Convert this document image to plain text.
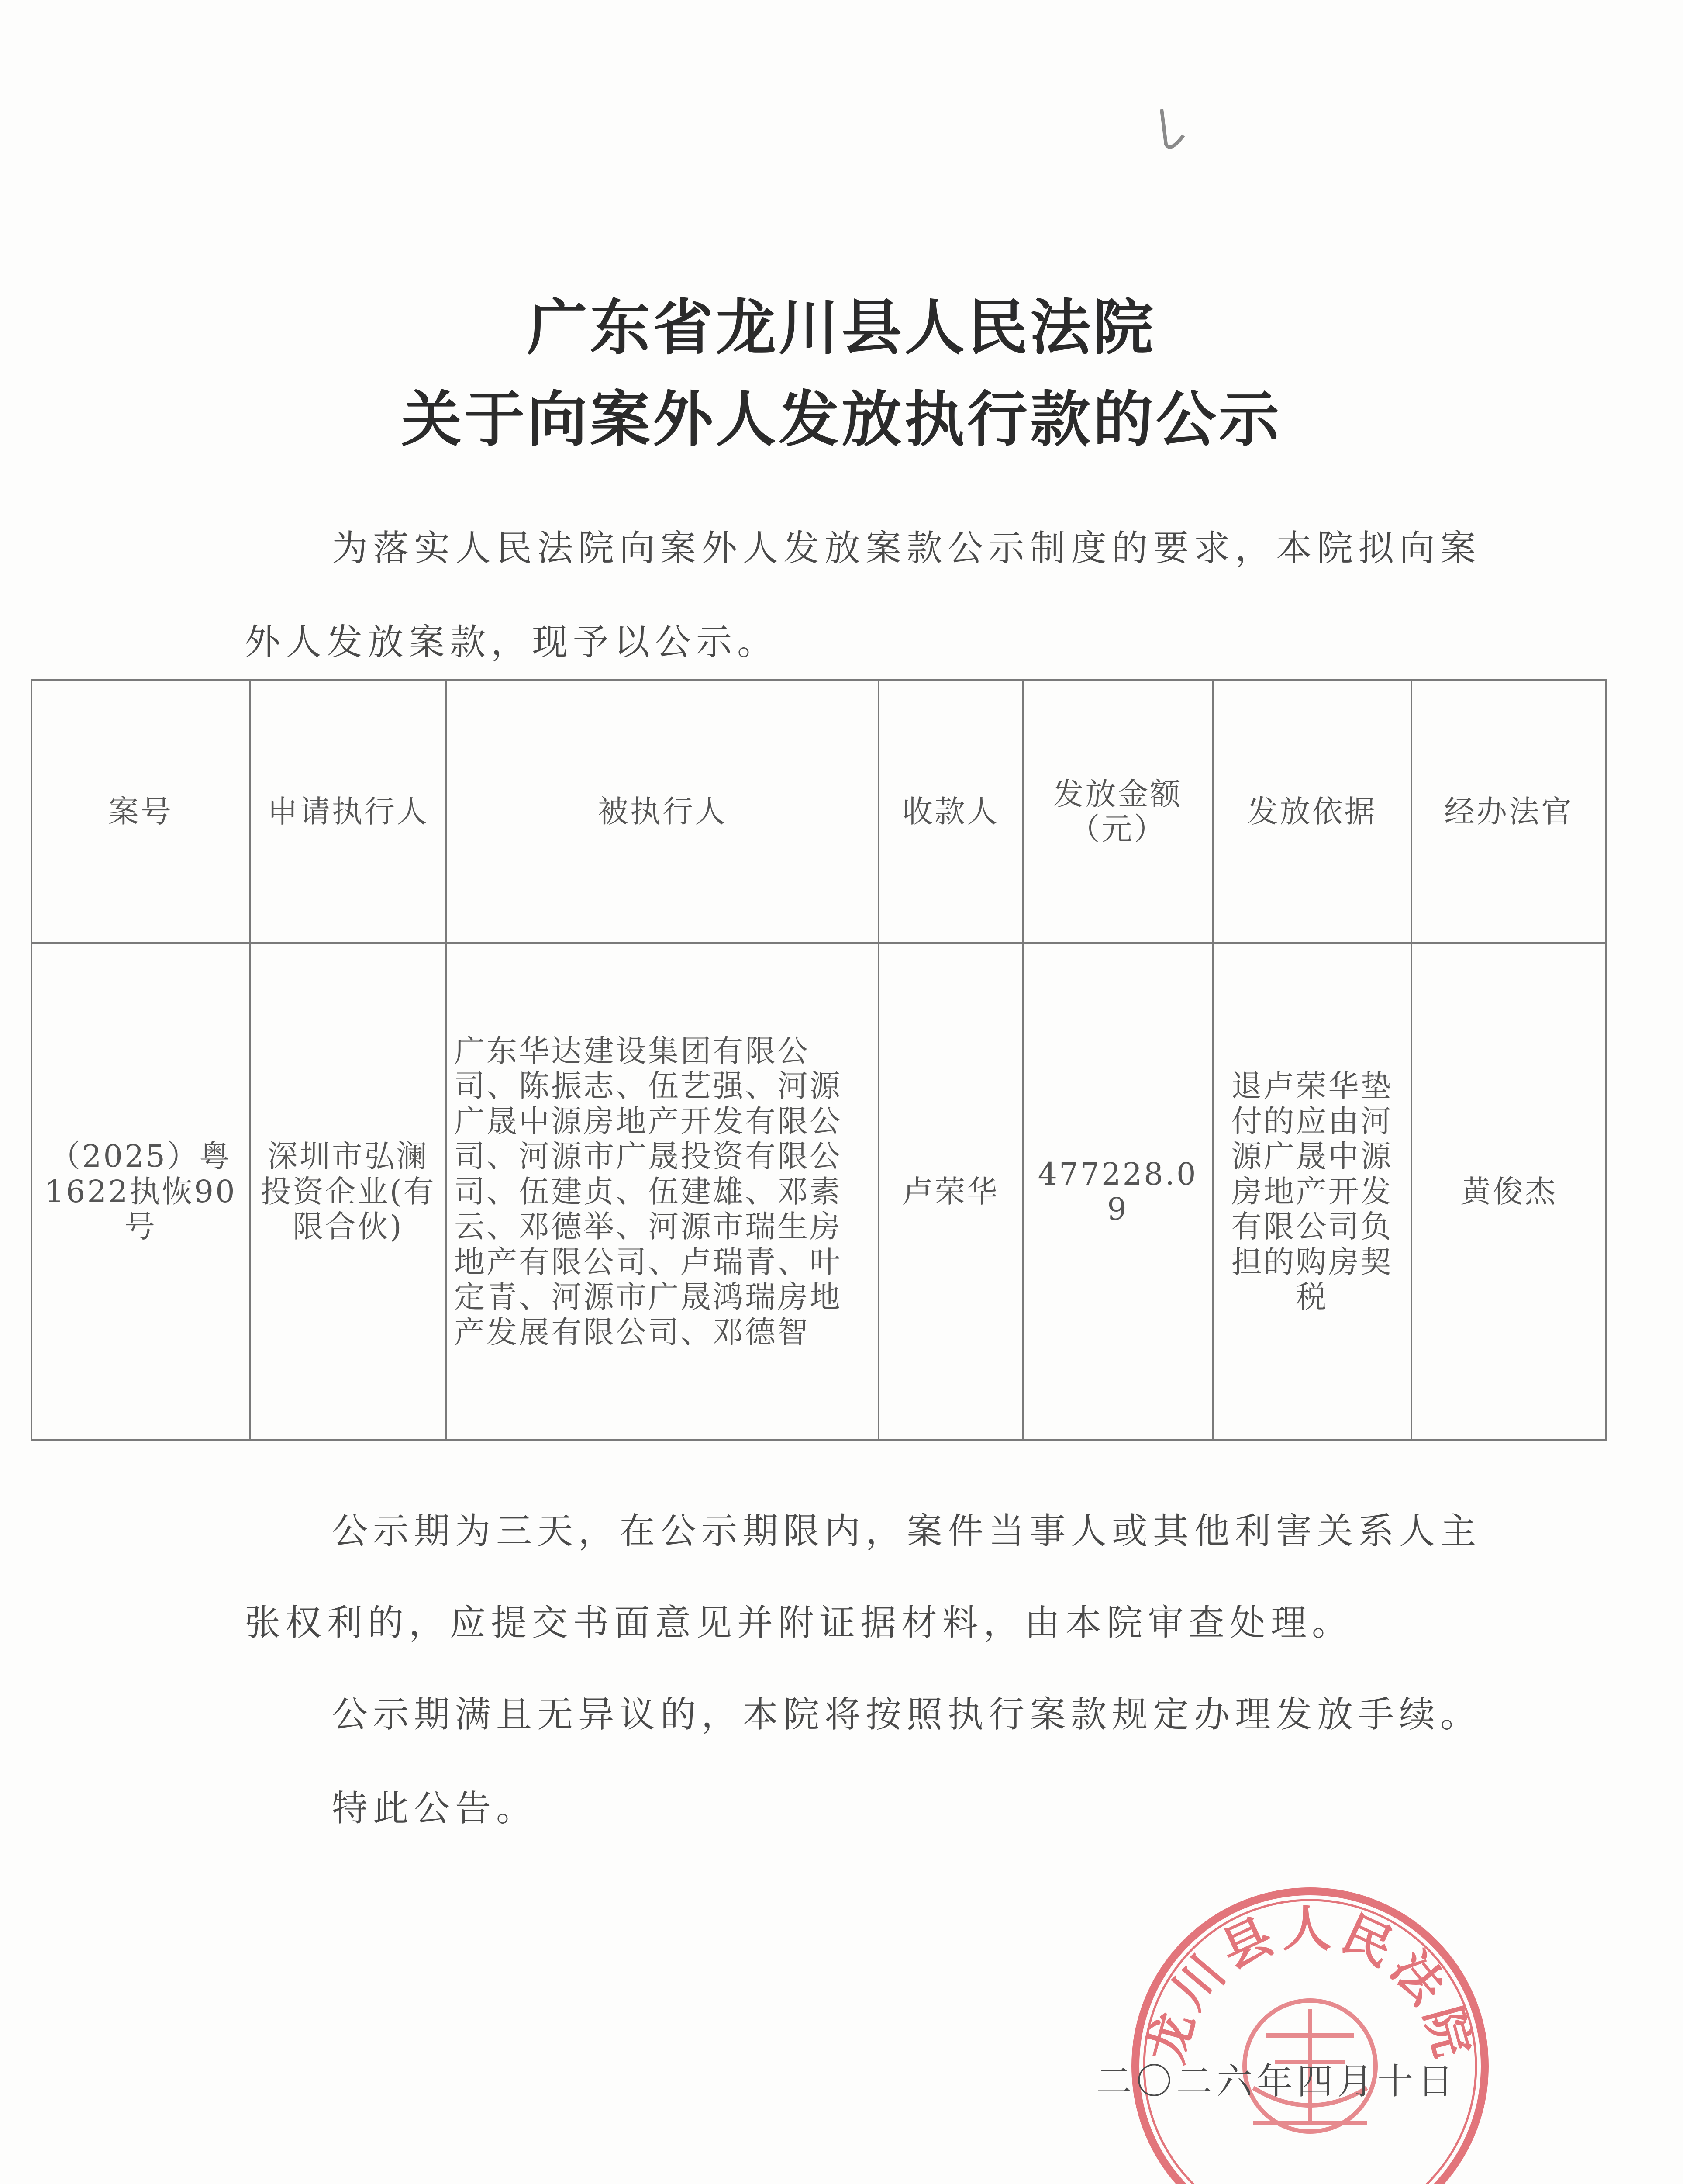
广东省龙川县人民法院
关于向案外人发放执行款的公示
为落实人民法院向案外人发放案款公示制度的要求，本院拟向案
外人发放案款，现予以公示。
案号	申请执行人	被执行人	收款人	发放金额（元）	发放依据	经办法官
（2025）粤1622执恢90号	深圳市弘澜投资企业(有限合伙)	广东华达建设集团有限公司、陈振志、伍艺强、河源广晟中源房地产开发有限公司、河源市广晟投资有限公司、伍建贞、伍建雄、邓素云、邓德举、河源市瑞生房地产有限公司、卢瑞青、叶定青、河源市广晟鸿瑞房地产发展有限公司、邓德智	卢荣华	477228.09	退卢荣华垫付的应由河源广晟中源房地产开发有限公司负担的购房契税	黄俊杰
公示期为三天，在公示期限内，案件当事人或其他利害关系人主
张权利的，应提交书面意见并附证据材料，由本院审查处理。
公示期满且无异议的，本院将按照执行案款规定办理发放手续。
特此公告。
龙川县人民法院
二〇二六年四月十日
